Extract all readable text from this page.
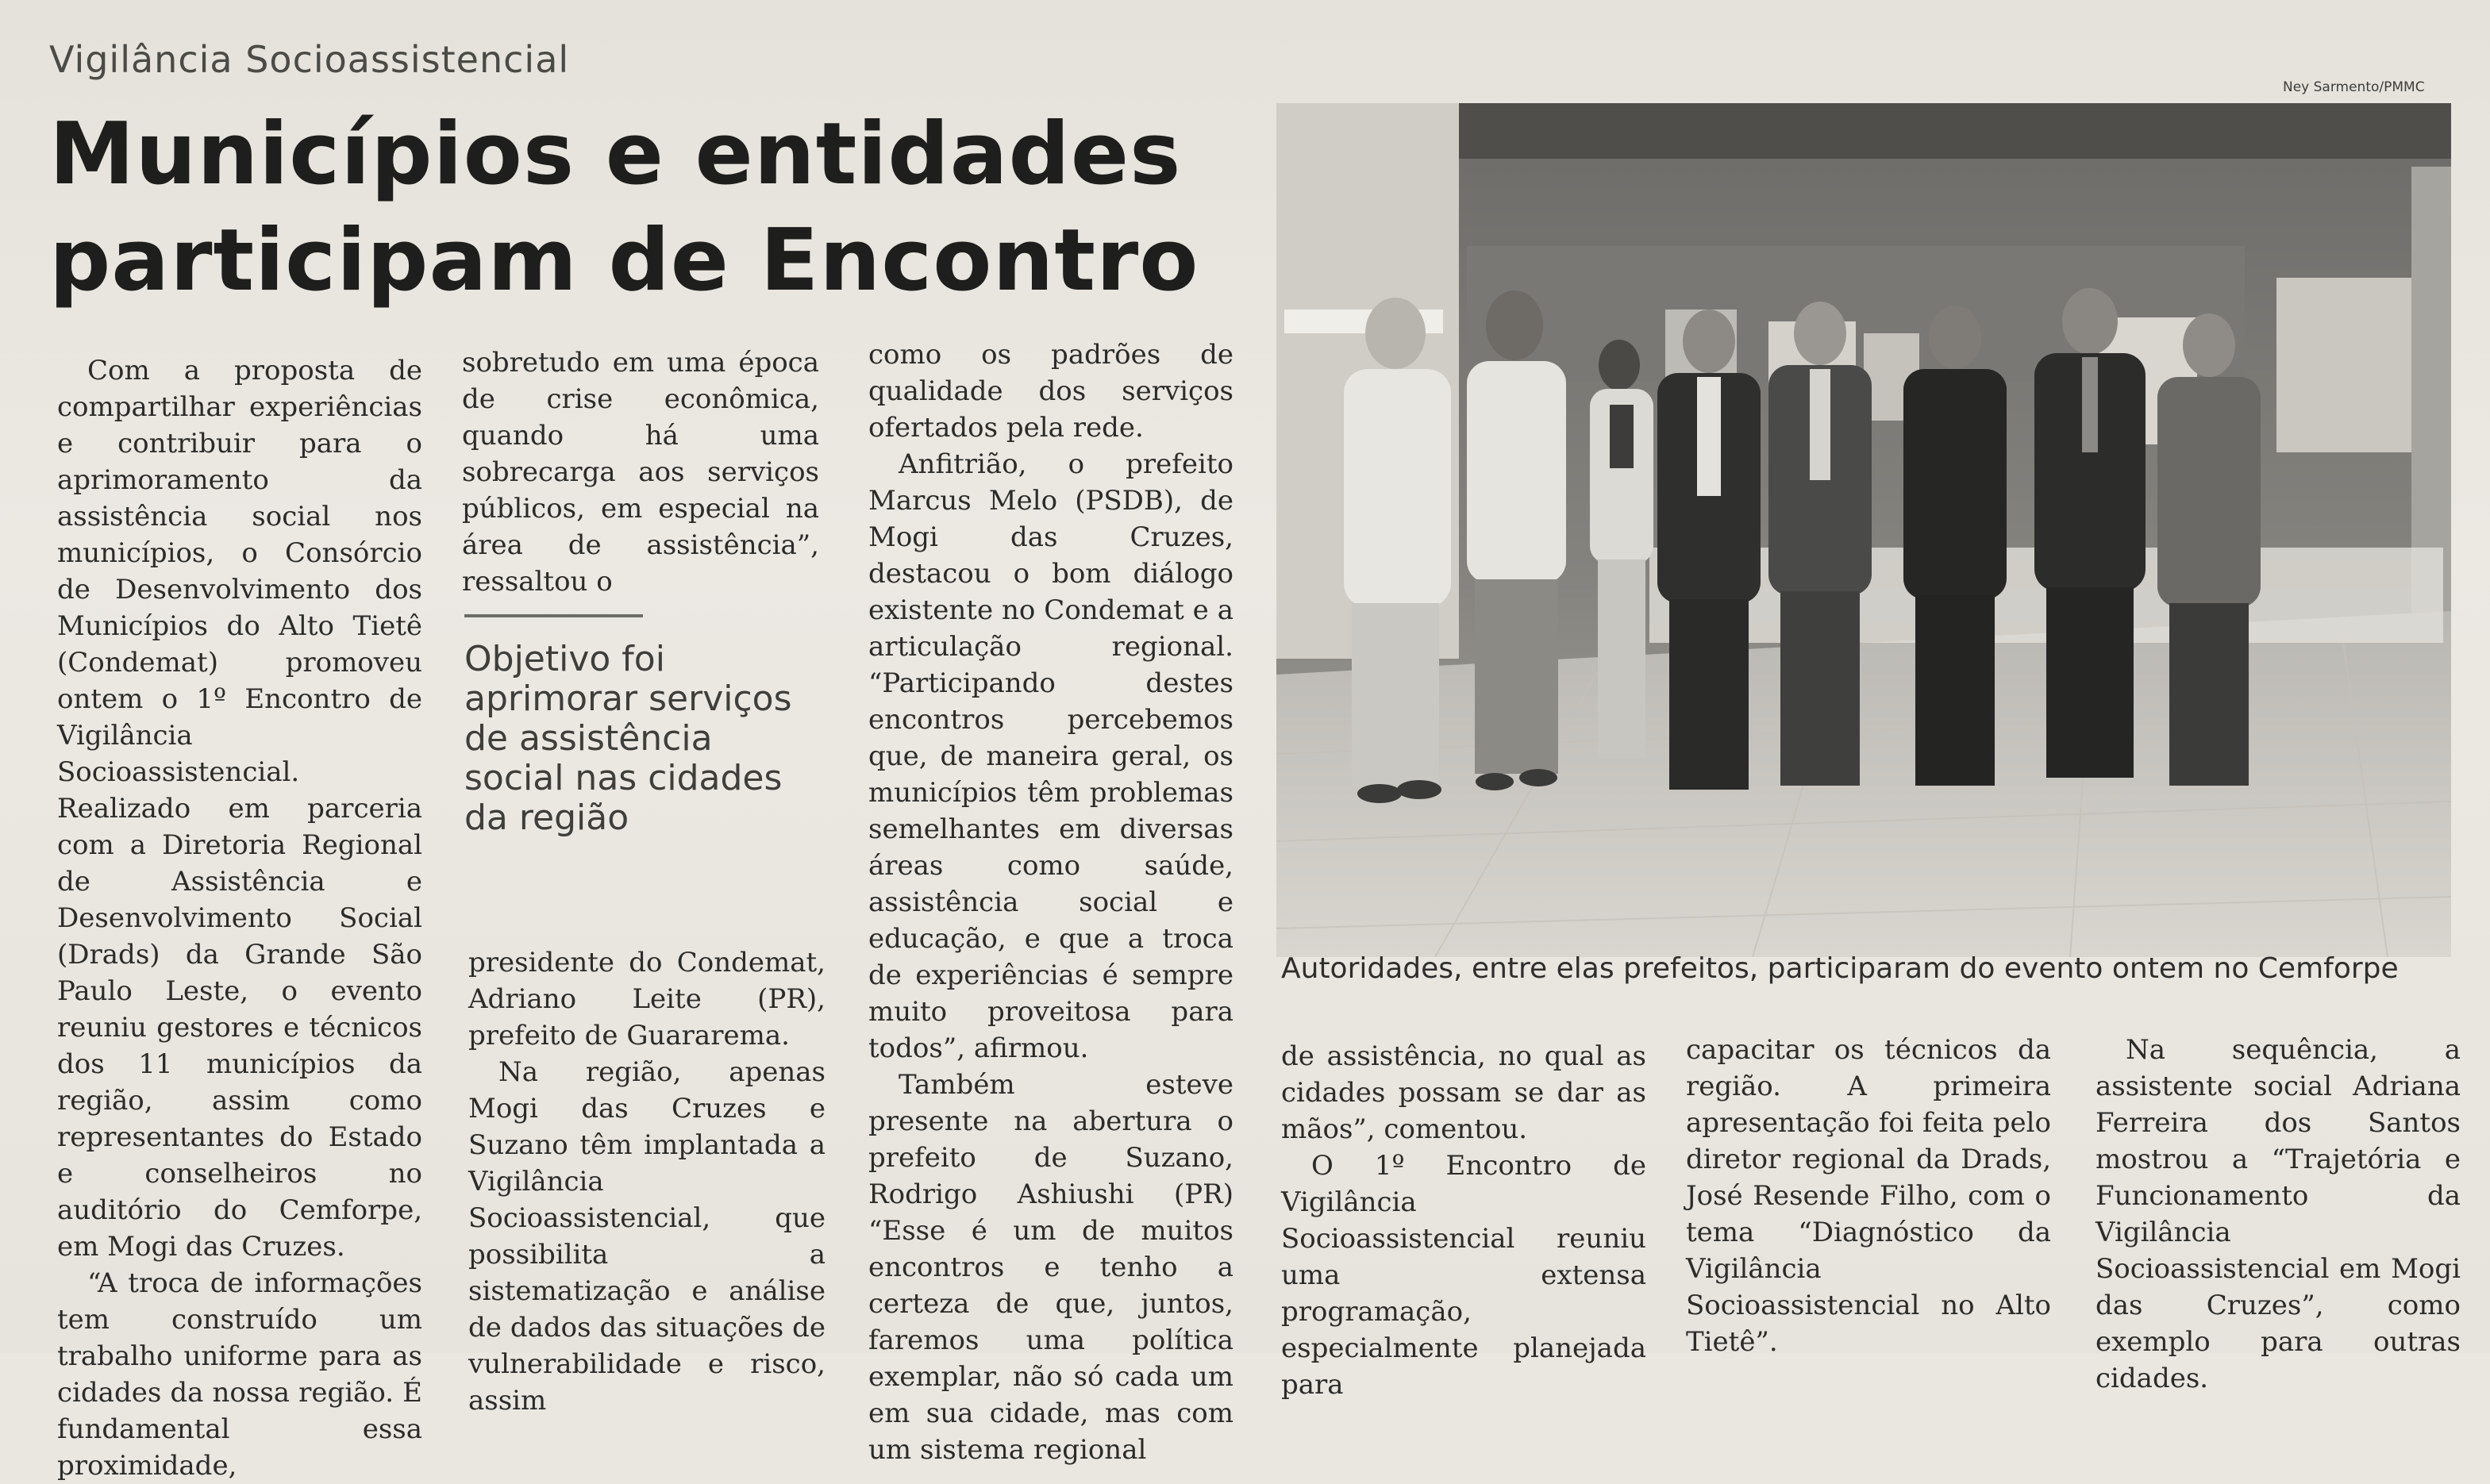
Vigilância Socioassistencial
Municípios e entidades
participam de Encontro

Com a proposta de compartilhar experiências e contribuir para o aprimoramento da assistência social nos municípios, o Consórcio de Desenvolvimento dos Municípios do Alto Tietê (Condemat) promoveu ontem o 1º Encontro de Vigilância Socioassistencial. Realizado em parceria com a Diretoria Regional de Assistência e Desenvolvimento Social (Drads) da Grande São Paulo Leste, o evento reuniu gestores e técnicos dos 11 municípios da região, assim como representantes do Estado e conselheiros no auditório do Cemforpe, em Mogi das Cruzes.

“A troca de informações tem construído um trabalho uniforme para as cidades da nossa região. É fundamental essa proximidade,

sobretudo em uma época de crise econômica, quando há uma sobrecarga aos serviços públicos, em especial na área de assistência”, ressaltou o

Objetivo foi aprimorar serviços de assistência social nas cidades da região

presidente do Condemat, Adriano Leite (PR), prefeito de Guararema.

Na região, apenas Mogi das Cruzes e Suzano têm implantada a Vigilância Socioassistencial, que possibilita a sistematização e análise de dados das situações de vulnerabilidade e risco, assim

como os padrões de qualidade dos serviços ofertados pela rede.

Anfitrião, o prefeito Marcus Melo (PSDB), de Mogi das Cruzes, destacou o bom diálogo existente no Condemat e a articulação regional. “Participando destes encontros percebemos que, de maneira geral, os municípios têm problemas semelhantes em diversas áreas como saúde, assistência social e educação, e que a troca de experiências é sempre muito proveitosa para todos”, afirmou.

Também esteve presente na abertura o prefeito de Suzano, Rodrigo Ashiushi (PR) “Esse é um de muitos encontros e tenho a certeza de que, juntos, faremos uma política exemplar, não só cada um em sua cidade, mas com um sistema regional

Ney Sarmento/PMMC
Autoridades, entre elas prefeitos, participaram do evento ontem no Cemforpe

de assistência, no qual as cidades possam se dar as mãos”, comentou.

O 1º Encontro de Vigilância Socioassistencial reuniu uma extensa programação, especialmente planejada para

capacitar os técnicos da região. A primeira apresentação foi feita pelo diretor regional da Drads, José Resende Filho, com o tema “Diagnóstico da Vigilância Socioassistencial no Alto Tietê”.

Na sequência, a assistente social Adriana Ferreira dos Santos mostrou a “Trajetória e Funcionamento da Vigilância Socioassistencial em Mogi das Cruzes”, como exemplo para outras cidades.
